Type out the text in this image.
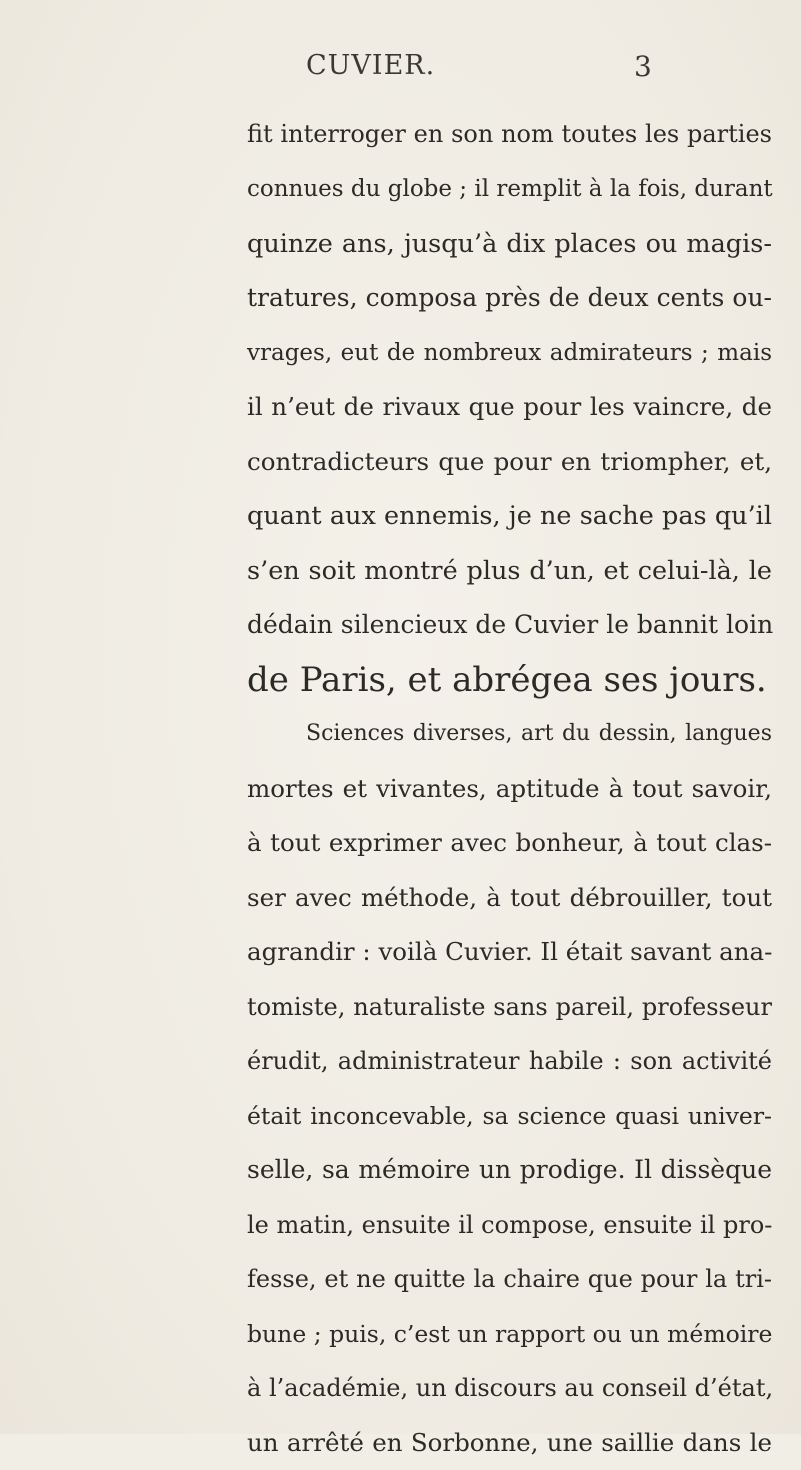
CUVIER.	3
fit interroger en son nom toutes les parties
connues du globe ; il remplit à la fois, durant
quinze ans, jusqu’à dix places ou magis-
tratures, composa près de deux cents ou-
vrages, eut de nombreux admirateurs ; mais
il n’eut de rivaux que pour les vaincre, de
contradicteurs que pour en triompher, et,
quant aux ennemis, je ne sache pas qu’il
s’en soit montré plus d’un, et celui-là, le
dédain silencieux de Cuvier le bannit loin
de Paris, et abrégea ses jours.
Sciences diverses, art du dessin, langues
mortes et vivantes, aptitude à tout savoir,
à tout exprimer avec bonheur, à tout clas-
ser avec méthode, à tout débrouiller, tout
agrandir : voilà Cuvier. Il était savant ana-
tomiste, naturaliste sans pareil, professeur
érudit, administrateur habile : son activité
était inconcevable, sa science quasi univer-
selle, sa mémoire un prodige. Il dissèque
le matin, ensuite il compose, ensuite il pro-
fesse, et ne quitte la chaire que pour la tri-
bune ; puis, c’est un rapport ou un mémoire
à l’académie, un discours au conseil d’état,
un arrêté en Sorbonne, une saillie dans le
